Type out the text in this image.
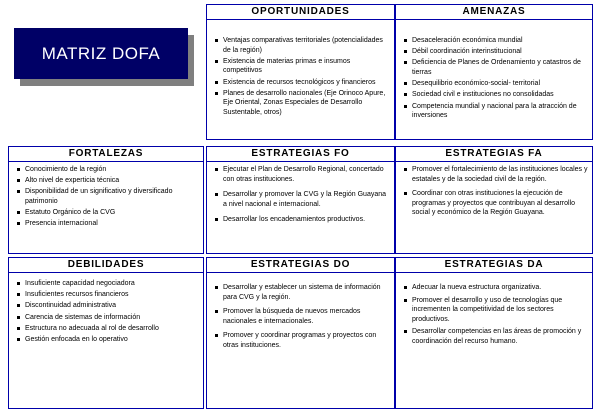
MATRIZ DOFA
OPORTUNIDADES
Ventajas comparativas territoriales (potencialidades de la región)
Existencia de materias primas e insumos competitivos
Existencia de recursos tecnológicos y financieros
Planes de desarrollo nacionales (Eje Orinoco Apure, Eje Oriental, Zonas Especiales de Desarrollo Sustentable, otros)
AMENAZAS
Desaceleración económica mundial
Débil coordinación interinstitucional
Deficiencia de Planes de Ordenamiento y catastros de tierras
Desequilibrio económico-social- territorial
Sociedad civil e instituciones no consolidadas
Competencia mundial y nacional para la atracción de inversiones
FORTALEZAS
Conocimiento de la región
Alto nivel de experticia técnica
Disponibilidad de un significativo y diversificado patrimonio
Estatuto Orgánico de la CVG
Presencia internacional
ESTRATEGIAS FO
Ejecutar el Plan de Desarrollo Regional, concertado con otras instituciones.
Desarrollar y promover la CVG y la Región Guayana a nivel nacional e internacional.
Desarrollar los encadenamientos productivos.
ESTRATEGIAS FA
Promover el fortalecimiento de las instituciones locales y estatales y de la sociedad civil de la región.
Coordinar con otras instituciones la ejecución de programas y proyectos que contribuyan al desarrollo social y económico de la Región Guayana.
DEBILIDADES
Insuficiente capacidad negociadora
Insuficientes recursos financieros
Discontinuidad administrativa
Carencia de sistemas de información
Estructura no adecuada al rol de desarrollo
Gestión enfocada en lo operativo
ESTRATEGIAS DO
Desarrollar y establecer un sistema de información para CVG y la región.
Promover la búsqueda de nuevos mercados nacionales e internacionales.
Promover y coordinar programas y proyectos con otras instituciones.
ESTRATEGIAS DA
Adecuar la nueva estructura organizativa.
Promover el desarrollo y uso de tecnologías que incrementen la competitividad de los sectores productivos.
Desarrollar competencias en las áreas de promoción y coordinación del recurso humano.
